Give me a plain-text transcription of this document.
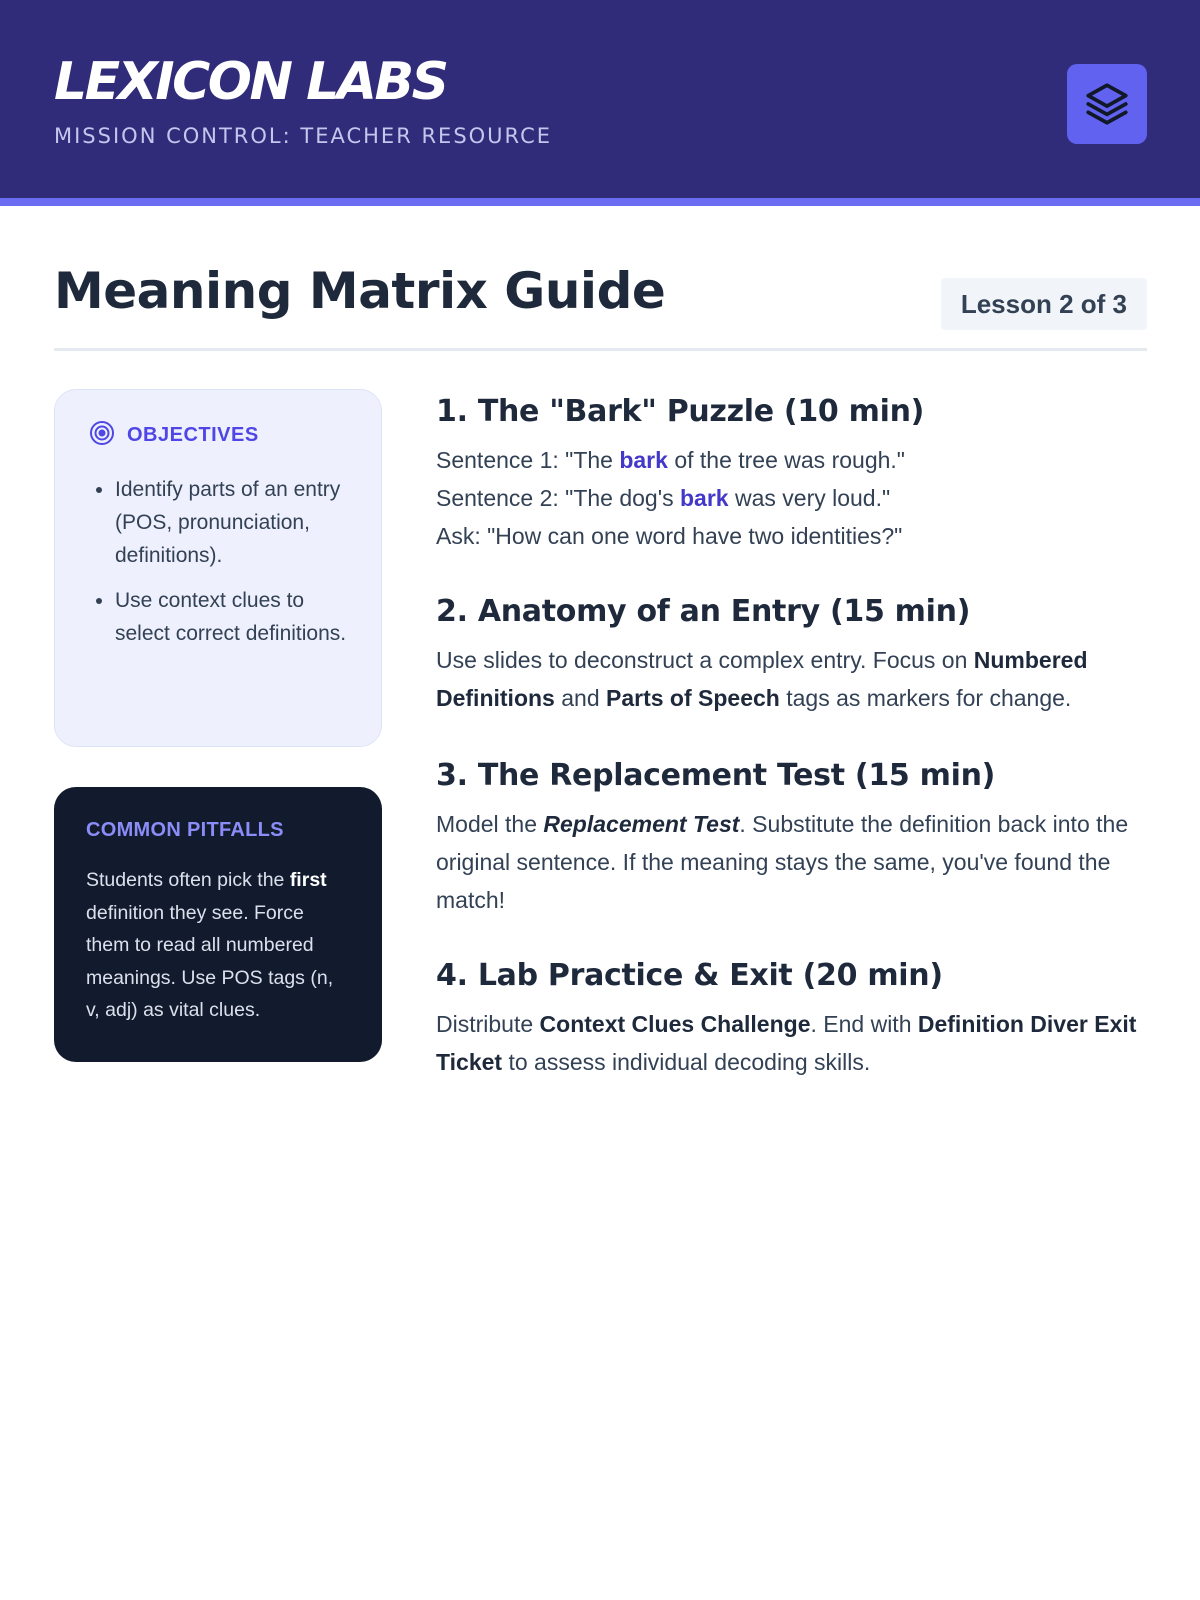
LEXICON LABS
MISSION CONTROL: TEACHER RESOURCE
Meaning Matrix Guide	Lesson 2 of 3
OBJECTIVES
• Identify parts of an entry (POS, pronunciation, definitions).
• Use context clues to select correct definitions.
COMMON PITFALLS
Students often pick the first definition they see. Force them to read all numbered meanings. Use POS tags (n, v, adj) as vital clues.
1. The "Bark" Puzzle (10 min)
Sentence 1: "The bark of the tree was rough."
Sentence 2: "The dog's bark was very loud."
Ask: "How can one word have two identities?"
2. Anatomy of an Entry (15 min)
Use slides to deconstruct a complex entry. Focus on Numbered Definitions and Parts of Speech tags as markers for change.
3. The Replacement Test (15 min)
Model the Replacement Test. Substitute the definition back into the original sentence. If the meaning stays the same, you've found the match!
4. Lab Practice & Exit (20 min)
Distribute Context Clues Challenge. End with Definition Diver Exit Ticket to assess individual decoding skills.
